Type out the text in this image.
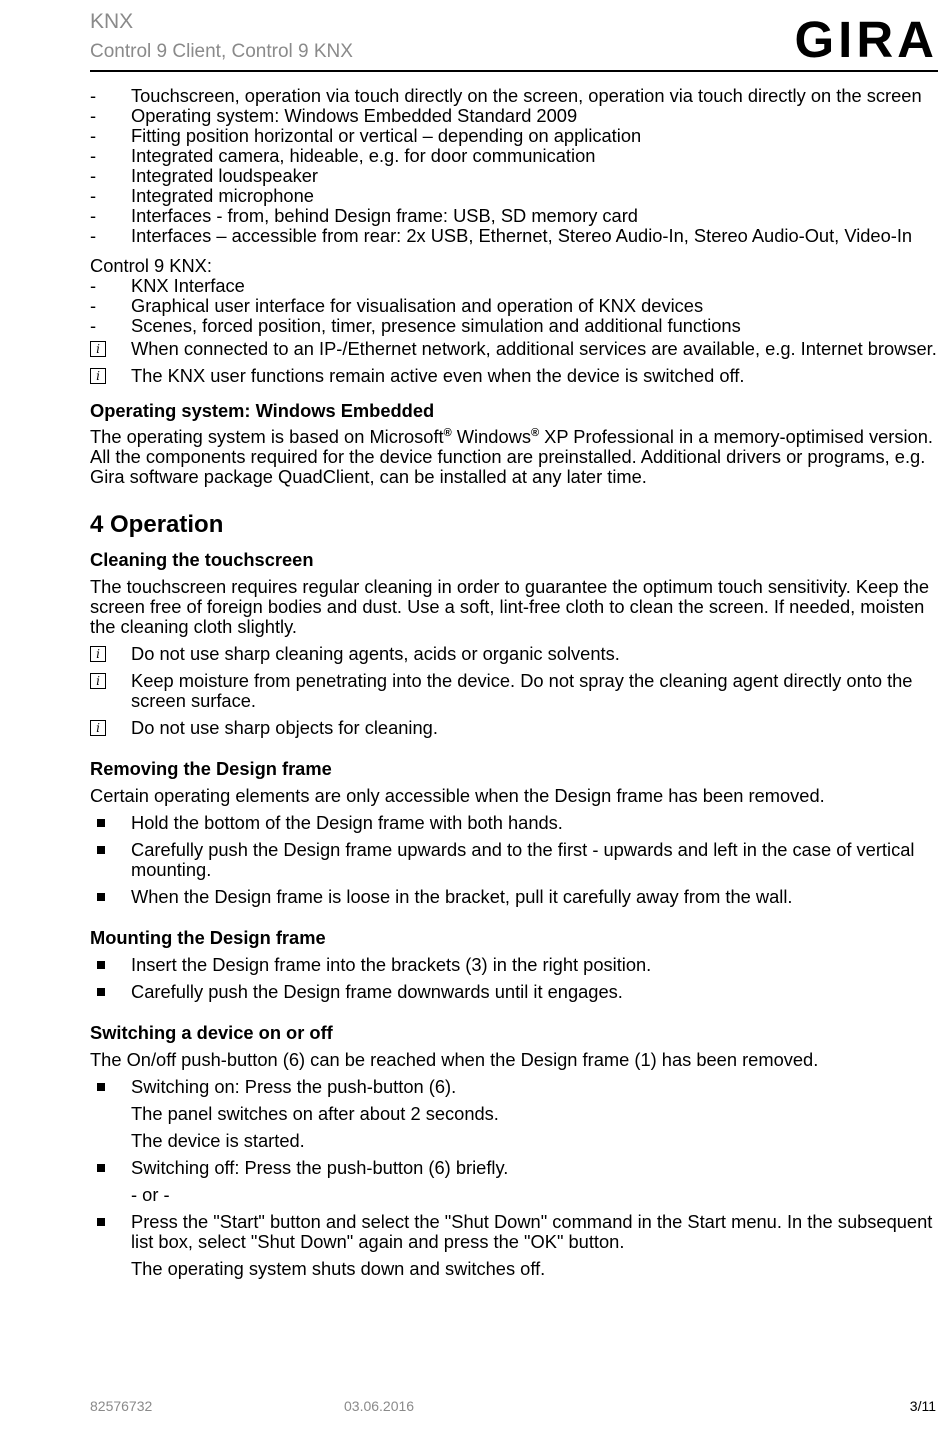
KNX
Control 9 Client, Control 9 KNX	GIRA
-	Touchscreen, operation via touch directly on the screen, operation via touch directly on the screen
-	Operating system: Windows Embedded Standard 2009
-	Fitting position horizontal or vertical – depending on application
-	Integrated camera, hideable, e.g. for door communication
-	Integrated loudspeaker
-	Integrated microphone
-	Interfaces - from, behind Design frame: USB, SD memory card
-	Interfaces – accessible from rear: 2x USB, Ethernet, Stereo Audio-In, Stereo Audio-Out, Video-In

Control 9 KNX:

-	KNX Interface
-	Graphical user interface for visualisation and operation of KNX devices
-	Scenes, forced position, timer, presence simulation and additional functions
i	When connected to an IP-/Ethernet network, additional services are available, e.g. Internet browser.
i	The KNX user functions remain active even when the device is switched off.

Operating system: Windows Embedded

The operating system is based on Microsoft® Windows® XP Professional in a memory-optimised version. All the components required for the device function are preinstalled. Additional drivers or programs, e.g. Gira software package QuadClient, can be installed at any later time.

4 Operation

Cleaning the touchscreen

The touchscreen requires regular cleaning in order to guarantee the optimum touch sensitivity. Keep the screen free of foreign bodies and dust. Use a soft, lint-free cloth to clean the screen. If needed, moisten the cleaning cloth slightly.

i	Do not use sharp cleaning agents, acids or organic solvents.
i	Keep moisture from penetrating into the device. Do not spray the cleaning agent directly onto the screen surface.
i	Do not use sharp objects for cleaning.

Removing the Design frame

Certain operating elements are only accessible when the Design frame has been removed.

Hold the bottom of the Design frame with both hands.
Carefully push the Design frame upwards and to the first - upwards and left in the case of vertical mounting.
When the Design frame is loose in the bracket, pull it carefully away from the wall.

Mounting the Design frame

Insert the Design frame into the brackets (3) in the right position.
Carefully push the Design frame downwards until it engages.

Switching a device on or off

The On/off push-button (6) can be reached when the Design frame (1) has been removed.

Switching on: Press the push-button (6).
The panel switches on after about 2 seconds.
The device is started.
Switching off: Press the push-button (6) briefly.
- or -
Press the "Start" button and select the "Shut Down" command in the Start menu. In the subsequent list box, select "Shut Down" again and press the "OK" button.
The operating system shuts down and switches off.
82576732	03.06.2016	3/11
